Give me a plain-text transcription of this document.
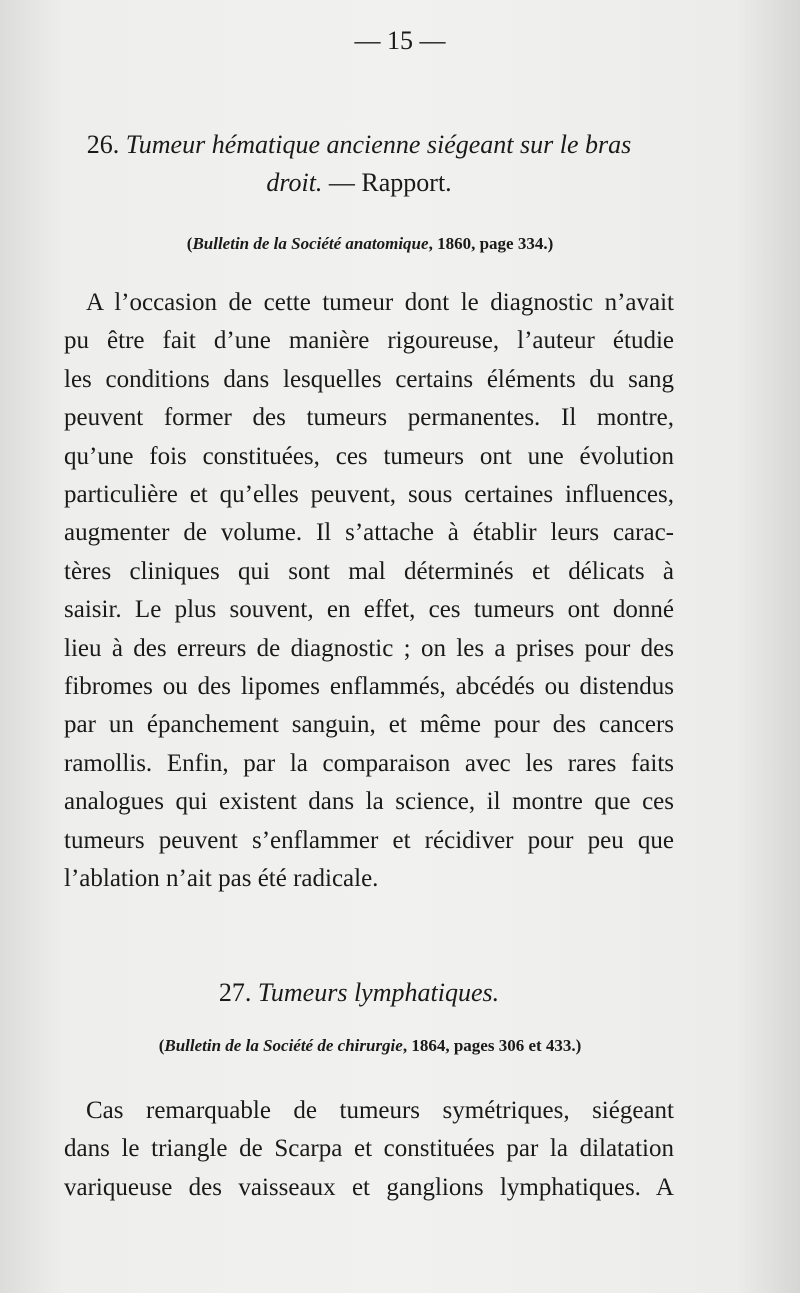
— 15 —
26. Tumeur hématique ancienne siégeant sur le bras
droit. — Rapport.
(Bulletin de la Société anatomique, 1860, page 334.)
A l’occasion de cette tumeur dont le diagnostic n’avait
pu être fait d’une manière rigoureuse, l’auteur étudie
les conditions dans lesquelles certains éléments du sang
peuvent former des tumeurs permanentes. Il montre,
qu’une fois constituées, ces tumeurs ont une évolution
particulière et qu’elles peuvent, sous certaines influences,
augmenter de volume. Il s’attache à établir leurs carac-
tères cliniques qui sont mal déterminés et délicats à
saisir. Le plus souvent, en effet, ces tumeurs ont donné
lieu à des erreurs de diagnostic ; on les a prises pour des
fibromes ou des lipomes enflammés, abcédés ou distendus
par un épanchement sanguin, et même pour des cancers
ramollis. Enfin, par la comparaison avec les rares faits
analogues qui existent dans la science, il montre que ces
tumeurs peuvent s’enflammer et récidiver pour peu que
l’ablation n’ait pas été radicale.
27. Tumeurs lymphatiques.
(Bulletin de la Société de chirurgie, 1864, pages 306 et 433.)
Cas remarquable de tumeurs symétriques, siégeant
dans le triangle de Scarpa et constituées par la dilatation
variqueuse des vaisseaux et ganglions lymphatiques. A
